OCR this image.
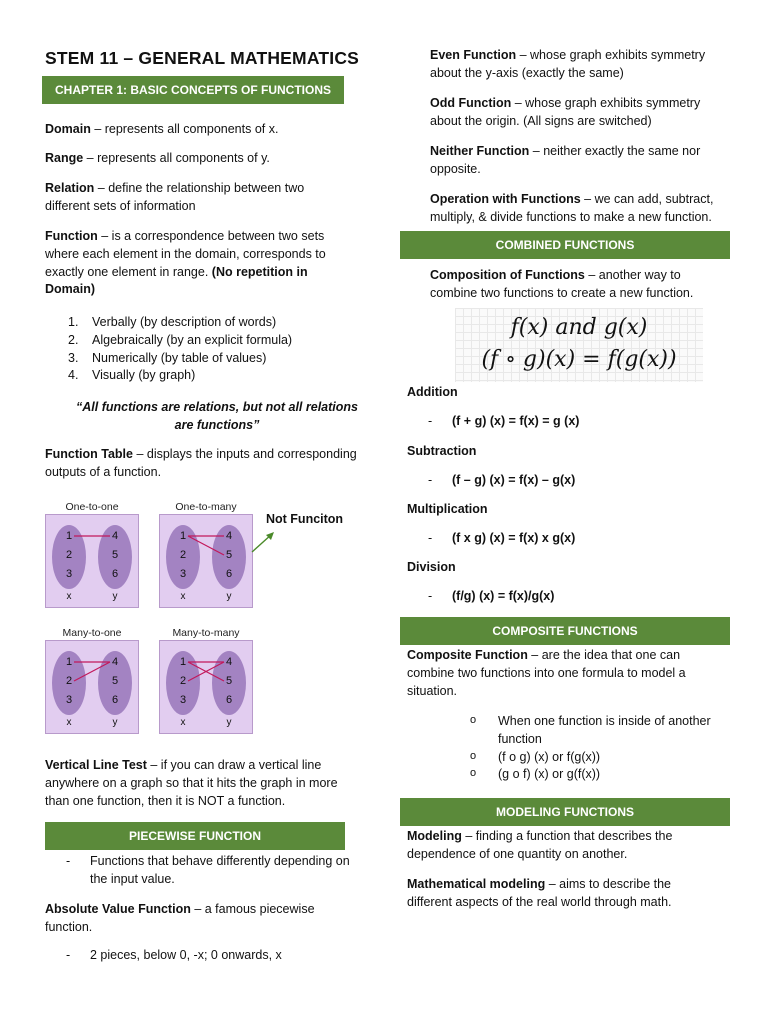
STEM 11 – GENERAL MATHEMATICS
CHAPTER 1: BASIC CONCEPTS OF FUNCTIONS
Domain – represents all components of x.
Range – represents all components of y.
Relation – define the relationship between two different sets of information
Function – is a correspondence between two sets where each element in the domain, corresponds to exactly one element in range. (No repetition in Domain)
1. Verbally (by description of words)
2. Algebraically (by an explicit formula)
3. Numerically (by table of values)
4. Visually (by graph)
“All functions are relations, but not all relations are functions”
Function Table – displays the inputs and corresponding outputs of a function.
One-to-one	One-to-many
Many-to-one	Many-to-many
1
2
3
4
5
6
x	y
1
2
3
4
5
6
x	y
1
2
3
4
5
6
x	y
1
2
3
4
5
6
x	y
Not Funciton
Vertical Line Test – if you can draw a vertical line anywhere on a graph so that it hits the graph in more than one function, then it is NOT a function.
PIECEWISE FUNCTION
-	Functions that behave differently depending on the input value.
Absolute Value Function – a famous piecewise function.
-	2 pieces, below 0, -x; 0 onwards, x
Even Function – whose graph exhibits symmetry about the y-axis (exactly the same)
Odd Function – whose graph exhibits symmetry about the origin. (All signs are switched)
Neither Function – neither exactly the same nor opposite.
Operation with Functions – we can add, subtract, multiply, & divide functions to make a new function.
COMBINED FUNCTIONS
Composition of Functions – another way to combine two functions to create a new function.
f(x) and g(x)
(f ∘ g)(x) = f(g(x))
Addition
-	(f + g) (x) = f(x) = g (x)
Subtraction
-	(f – g) (x) = f(x) – g(x)
Multiplication
-	(f x g) (x) = f(x) x g(x)
Division
-	(f/g) (x) = f(x)/g(x)
COMPOSITE FUNCTIONS
Composite Function – are the idea that one can combine two functions into one formula to model a situation.
o When one function is inside of another function
o (f o g) (x) or f(g(x))
o (g o f) (x) or g(f(x))
MODELING FUNCTIONS
Modeling – finding a function that describes the dependence of one quantity on another.
Mathematical modeling – aims to describe the different aspects of the real world through math.
